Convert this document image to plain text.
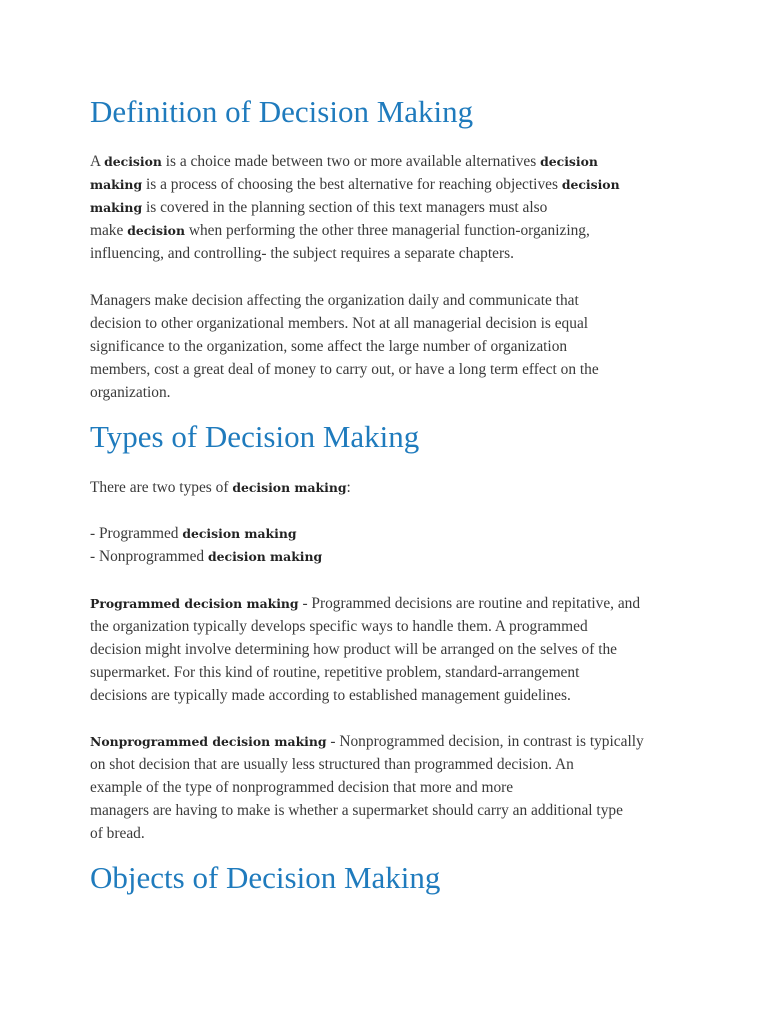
Definition of Decision Making

A decision is a choice made between two or more available alternatives decision
making is a process of choosing the best alternative for reaching objectives decision
making is covered in the planning section of this text managers must also
make decision when performing the other three managerial function-organizing,
influencing, and controlling- the subject requires a separate chapters.

Managers make decision affecting the organization daily and communicate that
decision to other organizational members. Not at all managerial decision is equal
significance to the organization, some affect the large number of organization
members, cost a great deal of money to carry out, or have a long term effect on the
organization.

Types of Decision Making

There are two types of decision making:

- Programmed decision making
- Nonprogrammed decision making

Programmed decision making - Programmed decisions are routine and repitative, and
the organization typically develops specific ways to handle them. A programmed
decision might involve determining how product will be arranged on the selves of the
supermarket. For this kind of routine, repetitive problem, standard-arrangement
decisions are typically made according to established management guidelines.

Nonprogrammed decision making - Nonprogrammed decision, in contrast is typically
on shot decision that are usually less structured than programmed decision. An
example of the type of nonprogrammed decision that more and more
managers are having to make is whether a supermarket should carry an additional type
of bread.

Objects of Decision Making
